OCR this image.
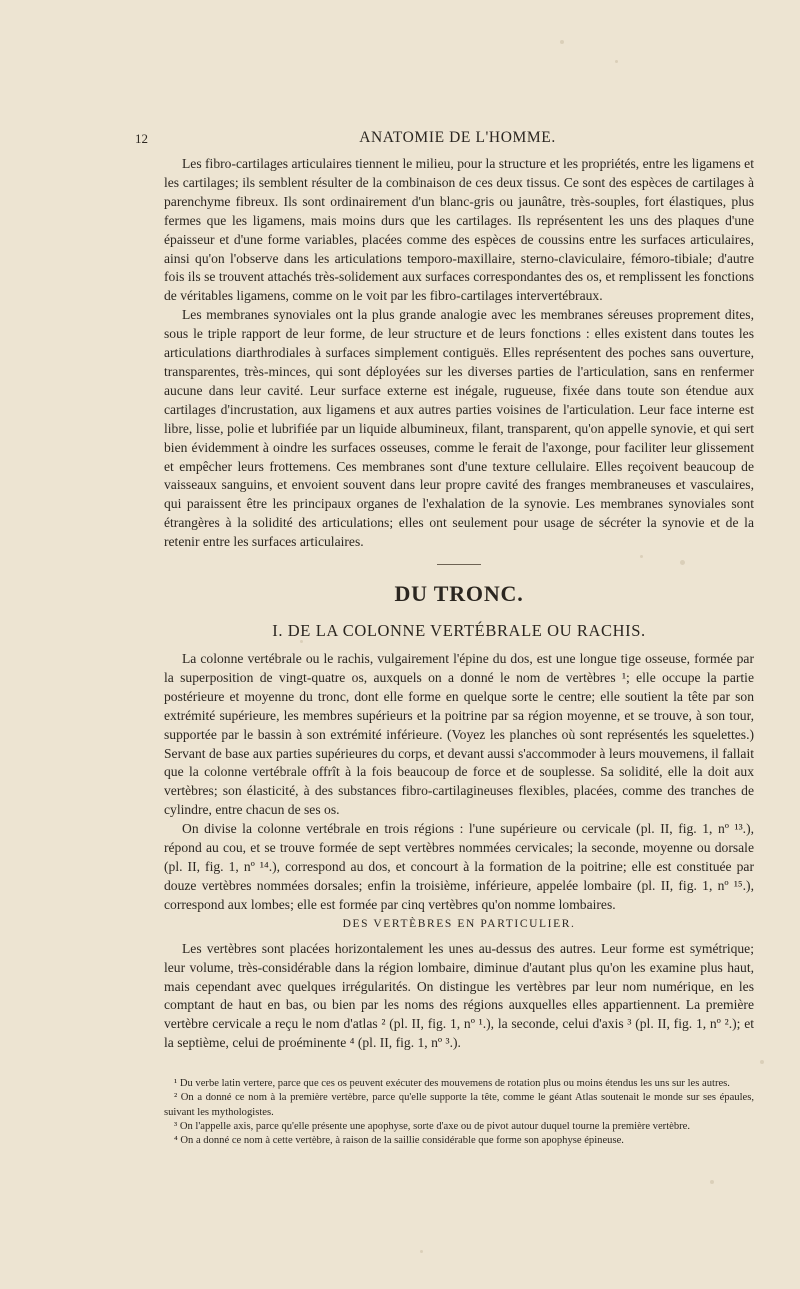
12	ANATOMIE DE L'HOMME.

Les fibro-cartilages articulaires tiennent le milieu, pour la structure et les propriétés, entre les ligamens et les cartilages; ils semblent résulter de la combinaison de ces deux tissus. Ce sont des espèces de cartilages à parenchyme fibreux. Ils sont ordinairement d'un blanc-gris ou jaunâtre, très-souples, fort élastiques, plus fermes que les ligamens, mais moins durs que les cartilages. Ils représentent les uns des plaques d'une épaisseur et d'une forme variables, placées comme des espèces de coussins entre les surfaces articulaires, ainsi qu'on l'observe dans les articulations temporo-maxillaire, sterno-claviculaire, fémoro-tibiale; d'autre fois ils se trouvent attachés très-solidement aux surfaces correspondantes des os, et remplissent les fonctions de véritables ligamens, comme on le voit par les fibro-cartilages intervertébraux.

Les membranes synoviales ont la plus grande analogie avec les membranes séreuses proprement dites, sous le triple rapport de leur forme, de leur structure et de leurs fonctions : elles existent dans toutes les articulations diarthrodiales à surfaces simplement contiguës. Elles représentent des poches sans ouverture, transparentes, très-minces, qui sont déployées sur les diverses parties de l'articulation, sans en renfermer aucune dans leur cavité. Leur surface externe est inégale, rugueuse, fixée dans toute son étendue aux cartilages d'incrustation, aux ligamens et aux autres parties voisines de l'articulation. Leur face interne est libre, lisse, polie et lubrifiée par un liquide albumineux, filant, transparent, qu'on appelle synovie, et qui sert bien évidemment à oindre les surfaces osseuses, comme le ferait de l'axonge, pour faciliter leur glissement et empêcher leurs frottemens. Ces membranes sont d'une texture cellulaire. Elles reçoivent beaucoup de vaisseaux sanguins, et envoient souvent dans leur propre cavité des franges membraneuses et vasculaires, qui paraissent être les principaux organes de l'exhalation de la synovie. Les membranes synoviales sont étrangères à la solidité des articulations; elles ont seulement pour usage de sécréter la synovie et de la retenir entre les surfaces articulaires.

DU TRONC.
I. DE LA COLONNE VERTÉBRALE OU RACHIS.

La colonne vertébrale ou le rachis, vulgairement l'épine du dos, est une longue tige osseuse, formée par la superposition de vingt-quatre os, auxquels on a donné le nom de vertèbres ¹; elle occupe la partie postérieure et moyenne du tronc, dont elle forme en quelque sorte le centre; elle soutient la tête par son extrémité supérieure, les membres supérieurs et la poitrine par sa région moyenne, et se trouve, à son tour, supportée par le bassin à son extrémité inférieure. (Voyez les planches où sont représentés les squelettes.) Servant de base aux parties supérieures du corps, et devant aussi s'accommoder à leurs mouvemens, il fallait que la colonne vertébrale offrît à la fois beaucoup de force et de souplesse. Sa solidité, elle la doit aux vertèbres; son élasticité, à des substances fibro-cartilagineuses flexibles, placées, comme des tranches de cylindre, entre chacun de ses os.

On divise la colonne vertébrale en trois régions : l'une supérieure ou cervicale (pl. II, fig. 1, nº ¹³.), répond au cou, et se trouve formée de sept vertèbres nommées cervicales; la seconde, moyenne ou dorsale (pl. II, fig. 1, nº ¹⁴.), correspond au dos, et concourt à la formation de la poitrine; elle est constituée par douze vertèbres nommées dorsales; enfin la troisième, inférieure, appelée lombaire (pl. II, fig. 1, nº ¹⁵.), correspond aux lombes; elle est formée par cinq vertèbres qu'on nomme lombaires.

DES VERTÈBRES EN PARTICULIER.

Les vertèbres sont placées horizontalement les unes au-dessus des autres. Leur forme est symétrique; leur volume, très-considérable dans la région lombaire, diminue d'autant plus qu'on les examine plus haut, mais cependant avec quelques irrégularités. On distingue les vertèbres par leur nom numérique, en les comptant de haut en bas, ou bien par les noms des régions auxquelles elles appartiennent. La première vertèbre cervicale a reçu le nom d'atlas ² (pl. II, fig. 1, nº ¹.), la seconde, celui d'axis ³ (pl. II, fig. 1, nº ².); et la septième, celui de proéminente ⁴ (pl. II, fig. 1, nº ³.).

¹ Du verbe latin vertere, parce que ces os peuvent exécuter des mouvemens de rotation plus ou moins étendus les uns sur les autres.
² On a donné ce nom à la première vertèbre, parce qu'elle supporte la tête, comme le géant Atlas soutenait le monde sur ses épaules, suivant les mythologistes.
³ On l'appelle axis, parce qu'elle présente une apophyse, sorte d'axe ou de pivot autour duquel tourne la première vertèbre.
⁴ On a donné ce nom à cette vertèbre, à raison de la saillie considérable que forme son apophyse épineuse.
